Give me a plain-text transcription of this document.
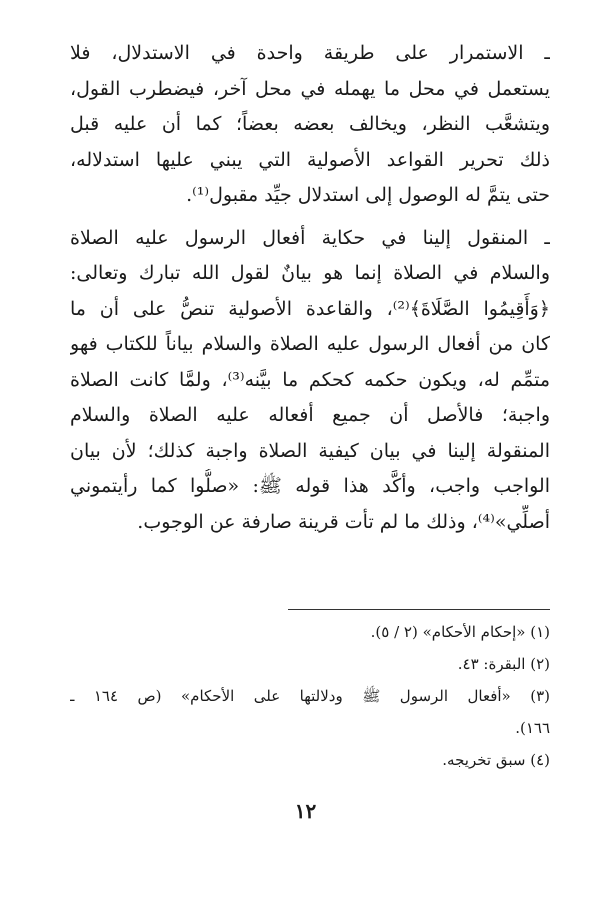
ـ الاستمرار على طريقة واحدة في الاستدلال، فلا
يستعمل في محل ما يهمله في محل آخر، فيضطرب القول،
ويتشعَّب النظر، ويخالف بعضه بعضاً؛ كما أن عليه قبل
ذلك تحرير القواعد الأصولية التي يبني عليها استدلاله،
حتى يتمَّ له الوصول إلى استدلال جيِّد مقبول⁽¹⁾.

ـ المنقول إلينا في حكاية أفعال الرسول عليه الصلاة
والسلام في الصلاة إنما هو بيانٌ لقول الله تبارك وتعالى:
﴿وَأَقِيمُوا الصَّلَاةَ﴾⁽²⁾، والقاعدة الأصولية تنصُّ على أن ما
كان من أفعال الرسول عليه الصلاة والسلام بياناً للكتاب فهو
متمِّم له، ويكون حكمه كحكم ما بيَّنه⁽³⁾، ولمَّا كانت الصلاة
واجبة؛ فالأصل أن جميع أفعاله عليه الصلاة والسلام
المنقولة إلينا في بيان كيفية الصلاة واجبة كذلك؛ لأن بيان
الواجب واجب، وأكَّد هذا قوله ﷺ: «صلُّوا كما رأيتموني
أصلِّي»⁽⁴⁾، وذلك ما لم تأت قرينة صارفة عن الوجوب.

(١) «إحكام الأحكام» (٢ / ٥).
(٢) البقرة: ٤٣.
(٣) «أفعال الرسول ﷺ ودلالتها على الأحكام» (ص ١٦٤ ـ
١٦٦).
(٤) سبق تخريجه.
١٢
